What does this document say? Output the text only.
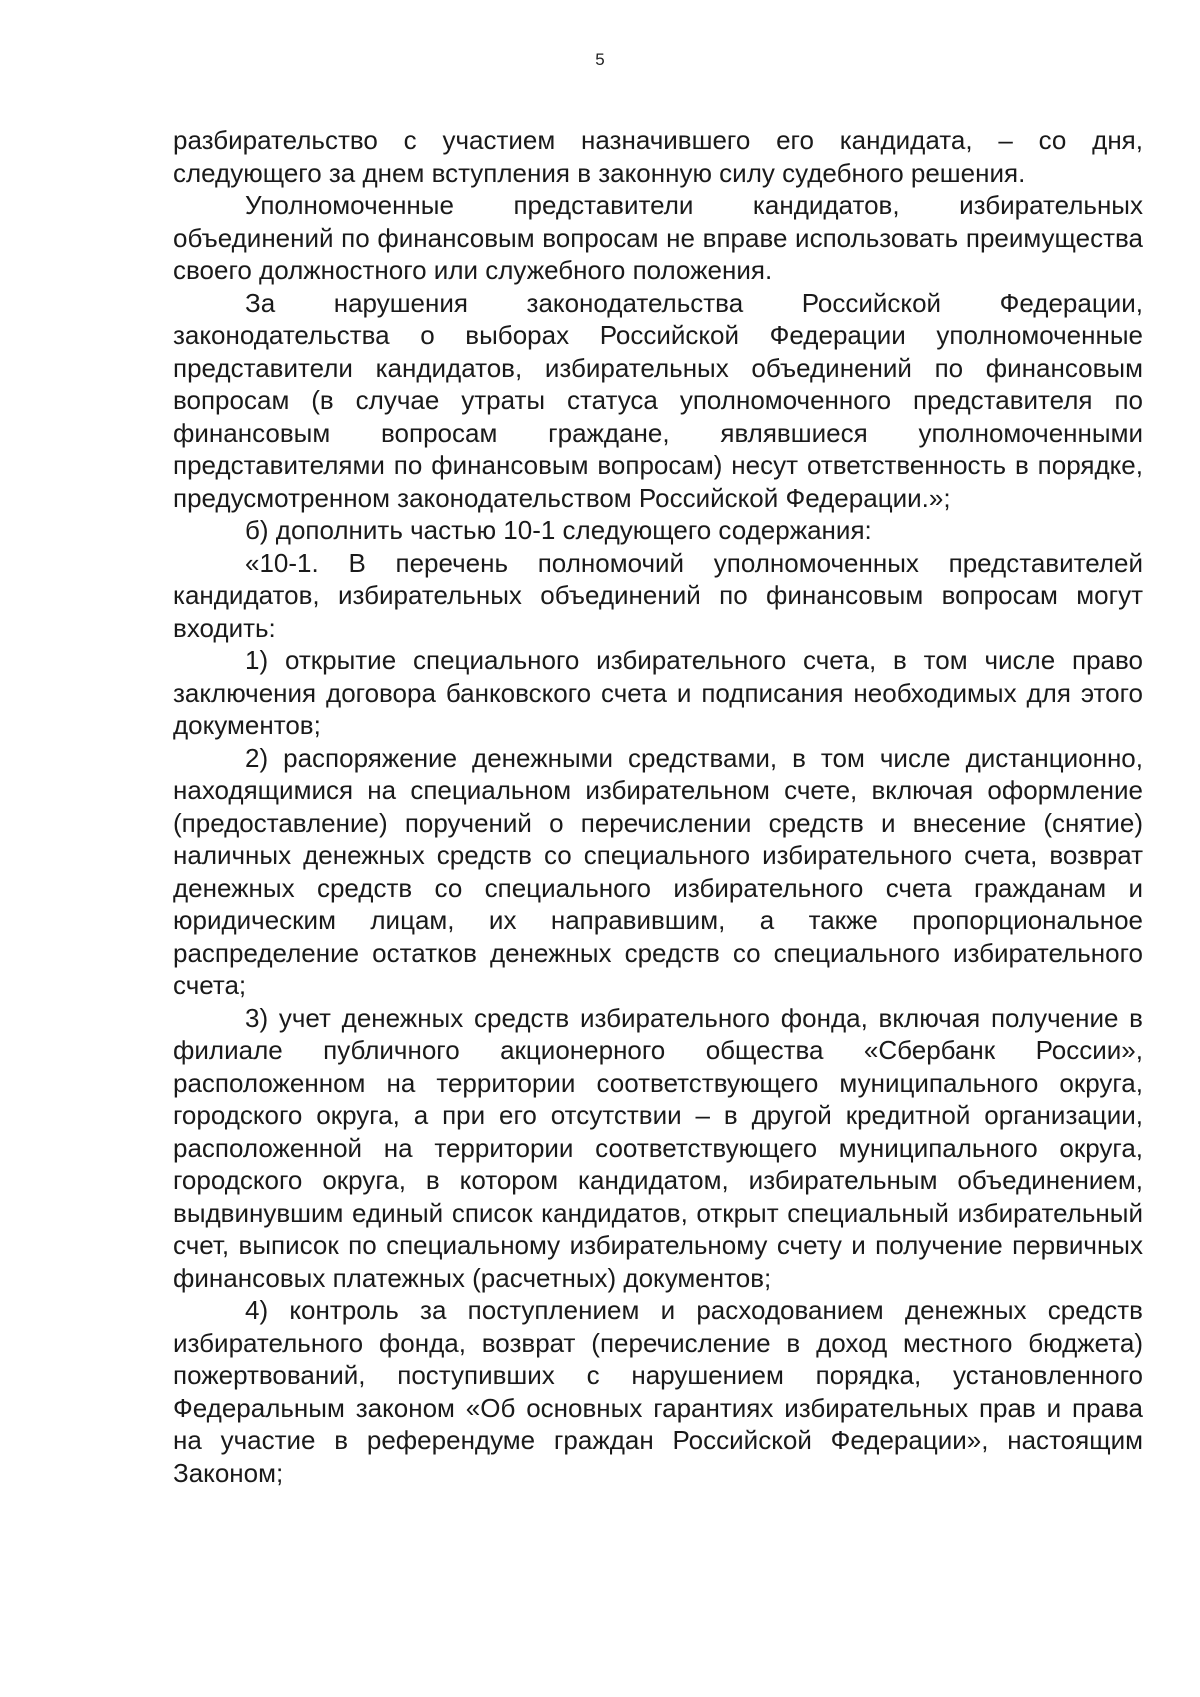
5

разбирательство с участием назначившего его кандидата, – со дня, следующего за днем вступления в законную силу судебного решения.

Уполномоченные представители кандидатов, избирательных объединений по финансовым вопросам не вправе использовать преимущества своего должностного или служебного положения.

За нарушения законодательства Российской Федерации, законодательства о выборах Российской Федерации уполномоченные представители кандидатов, избирательных объединений по финансовым вопросам (в случае утраты статуса уполномоченного представителя по финансовым вопросам граждане, являвшиеся уполномоченными представителями по финансовым вопросам) несут ответственность в порядке, предусмотренном законодательством Российской Федерации.»;

б) дополнить частью 10-1 следующего содержания:

«10-1. В перечень полномочий уполномоченных представителей кандидатов, избирательных объединений по финансовым вопросам могут входить:

1) открытие специального избирательного счета, в том числе право заключения договора банковского счета и подписания необходимых для этого документов;

2) распоряжение денежными средствами, в том числе дистанционно, находящимися на специальном избирательном счете, включая оформление (предоставление) поручений о перечислении средств и внесение (снятие) наличных денежных средств со специального избирательного счета, возврат денежных средств со специального избирательного счета гражданам и юридическим лицам, их направившим, а также пропорциональное распределение остатков денежных средств со специального избирательного счета;

3) учет денежных средств избирательного фонда, включая получение в филиале публичного акционерного общества «Сбербанк России», расположенном на территории соответствующего муниципального округа, городского округа, а при его отсутствии – в другой кредитной организации, расположенной на территории соответствующего муниципального округа, городского округа, в котором кандидатом, избирательным объединением, выдвинувшим единый список кандидатов, открыт специальный избирательный счет, выписок по специальному избирательному счету и получение первичных финансовых платежных (расчетных) документов;

4) контроль за поступлением и расходованием денежных средств избирательного фонда, возврат (перечисление в доход местного бюджета) пожертвований, поступивших с нарушением порядка, установленного Федеральным законом «Об основных гарантиях избирательных прав и права на участие в референдуме граждан Российской Федерации», настоящим Законом;
